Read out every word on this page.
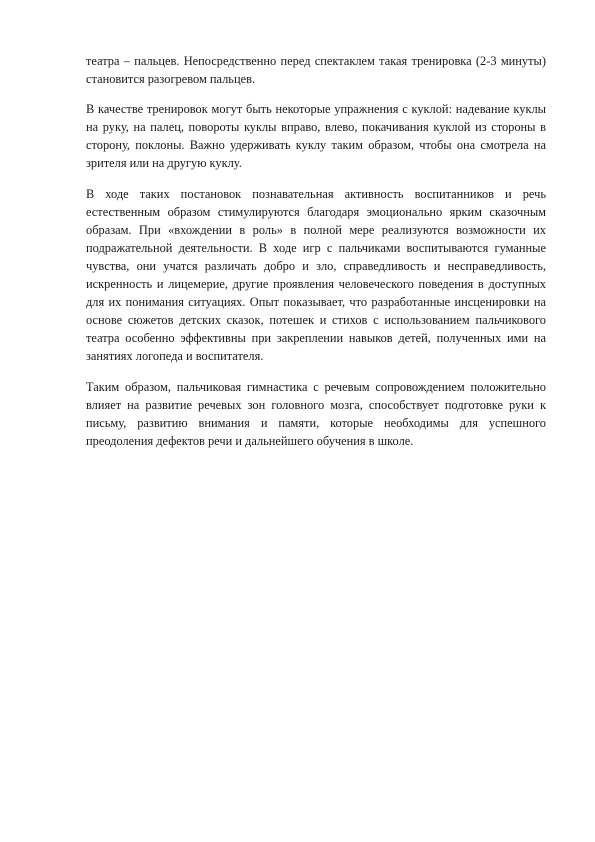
театра – пальцев. Непосредственно перед спектаклем такая тренировка (2-3 минуты) становится разогревом пальцев.

В качестве тренировок могут быть некоторые упражнения с куклой: надевание куклы на руку, на палец, повороты куклы вправо, влево, покачивания куклой из стороны в сторону, поклоны. Важно удерживать куклу таким образом, чтобы она смотрела на зрителя или на другую куклу.

В ходе таких постановок познавательная активность воспитанников и речь естественным образом стимулируются благодаря эмоционально ярким сказочным образам. При «вхождении в роль» в полной мере реализуются возможности их подражательной деятельности. В ходе игр с пальчиками воспитываются гуманные чувства, они учатся различать добро и зло, справедливость и несправедливость, искренность и лицемерие, другие проявления человеческого поведения в доступных для их понимания ситуациях. Опыт показывает, что разработанные инсценировки на основе сюжетов детских сказок, потешек и стихов с использованием пальчикового театра особенно эффективны при закреплении навыков детей, полученных ими на занятиях логопеда и воспитателя.

Таким образом, пальчиковая гимнастика с речевым сопровождением положительно влияет на развитие речевых зон головного мозга, способствует подготовке руки к письму, развитию внимания и памяти, которые необходимы для успешного преодоления дефектов речи и дальнейшего обучения в школе.
